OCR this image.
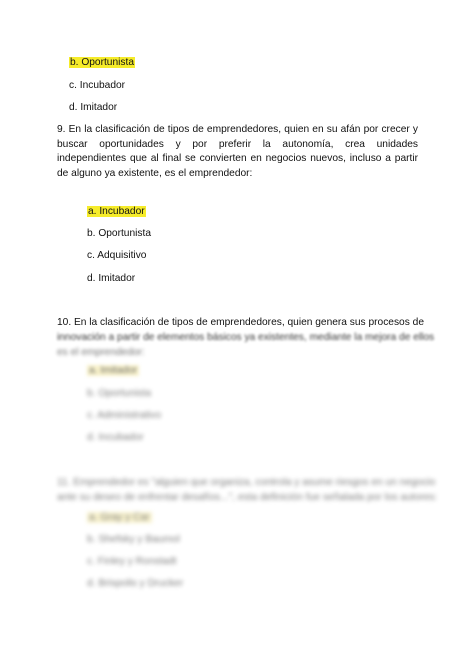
b. Oportunista
c. Incubador
d. Imitador
9. En la clasificación de tipos de emprendedores, quien en su afán por crecer y buscar oportunidades y por preferir la autonomía, crea unidades independientes que al final se convierten en negocios nuevos, incluso a partir de alguno ya existente, es el emprendedor:
a. Incubador
b. Oportunista
c. Adquisitivo
d. Imitador
10. En la clasificación de tipos de emprendedores, quien genera sus procesos de
innovación a partir de elementos básicos ya existentes, mediante la mejora de ellos
es el emprendedor:
a. Imitador
b. Oportunista
c. Administrativo
d. Incubador
11. Emprendedor es "alguien que organiza, controla y asume riesgos en un negocio
ante su deseo de enfrentar desafíos...", esta definición fue señalada por los autores:
a. Gray y Car
b. Shefsky y Baumol
c. Finley y Ronstadt
d. Brispolis y Drucker
